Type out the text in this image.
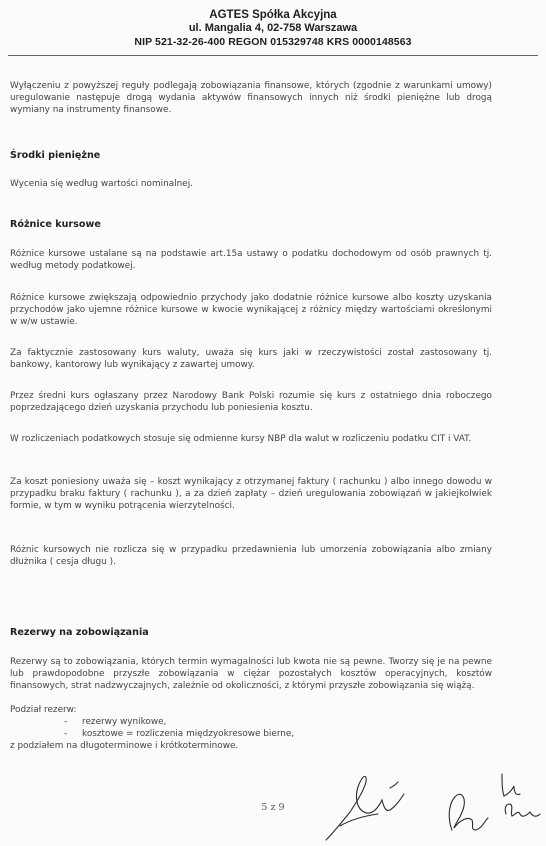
AGTES Spółka Akcyjna
ul. Mangalia 4, 02-758 Warszawa
NIP 521-32-26-400 REGON 015329748 KRS 0000148563
Wyłączeniu z powyższej reguły podlegają zobowiązania finansowe, których (zgodnie z warunkami umowy) uregulowanie następuje drogą wydania aktywów finansowych innych niż środki pieniężne lub drogą wymiany na instrumenty finansowe.
Środki pieniężne
Wycenia się według wartości nominalnej.
Różnice kursowe
Różnice kursowe ustalane są na podstawie art.15a ustawy o podatku dochodowym od osób prawnych tj. według metody podatkowej.
Różnice kursowe zwiększają odpowiednio przychody jako dodatnie różnice kursowe albo koszty uzyskania przychodów jako ujemne różnice kursowe w kwocie wynikającej z różnicy między wartościami określonymi w w/w ustawie.
Za faktycznie zastosowany kurs waluty, uważa się kurs jaki w rzeczywistości został zastosowany tj. bankowy, kantorowy lub wynikający z zawartej umowy.
Przez średni kurs ogłaszany przez Narodowy Bank Polski rozumie się kurs z ostatniego dnia roboczego poprzedzającego dzień uzyskania przychodu lub poniesienia kosztu.
W rozliczeniach podatkowych stosuje się odmienne kursy NBP dla walut w rozliczeniu podatku CIT i VAT.
Za koszt poniesiony uważa się – koszt wynikający z otrzymanej faktury ( rachunku ) albo innego dowodu w przypadku braku faktury ( rachunku ), a za dzień zapłaty – dzień uregulowania zobowiązań w jakiejkolwiek formie, w tym w wyniku potrącenia wierzytelności.
Różnic kursowych nie rozlicza się w przypadku przedawnienia lub umorzenia zobowiązania albo zmiany dłużnika ( cesja długu ).
Rezerwy na zobowiązania
Rezerwy są to zobowiązania, których termin wymagalności lub kwota nie są pewne. Tworzy się je na pewne lub prawdopodobne przyszłe zobowiązania w ciężar pozostałych kosztów operacyjnych, kosztów finansowych, strat nadzwyczajnych, zależnie od okoliczności, z którymi przyszłe zobowiązania się wiążą.
Podział rezerw:
- rezerwy wynikowe,
- kosztowe = rozliczenia międzyokresowe bierne,
z podziałem na długoterminowe i krótkoterminowe.
5 z 9
